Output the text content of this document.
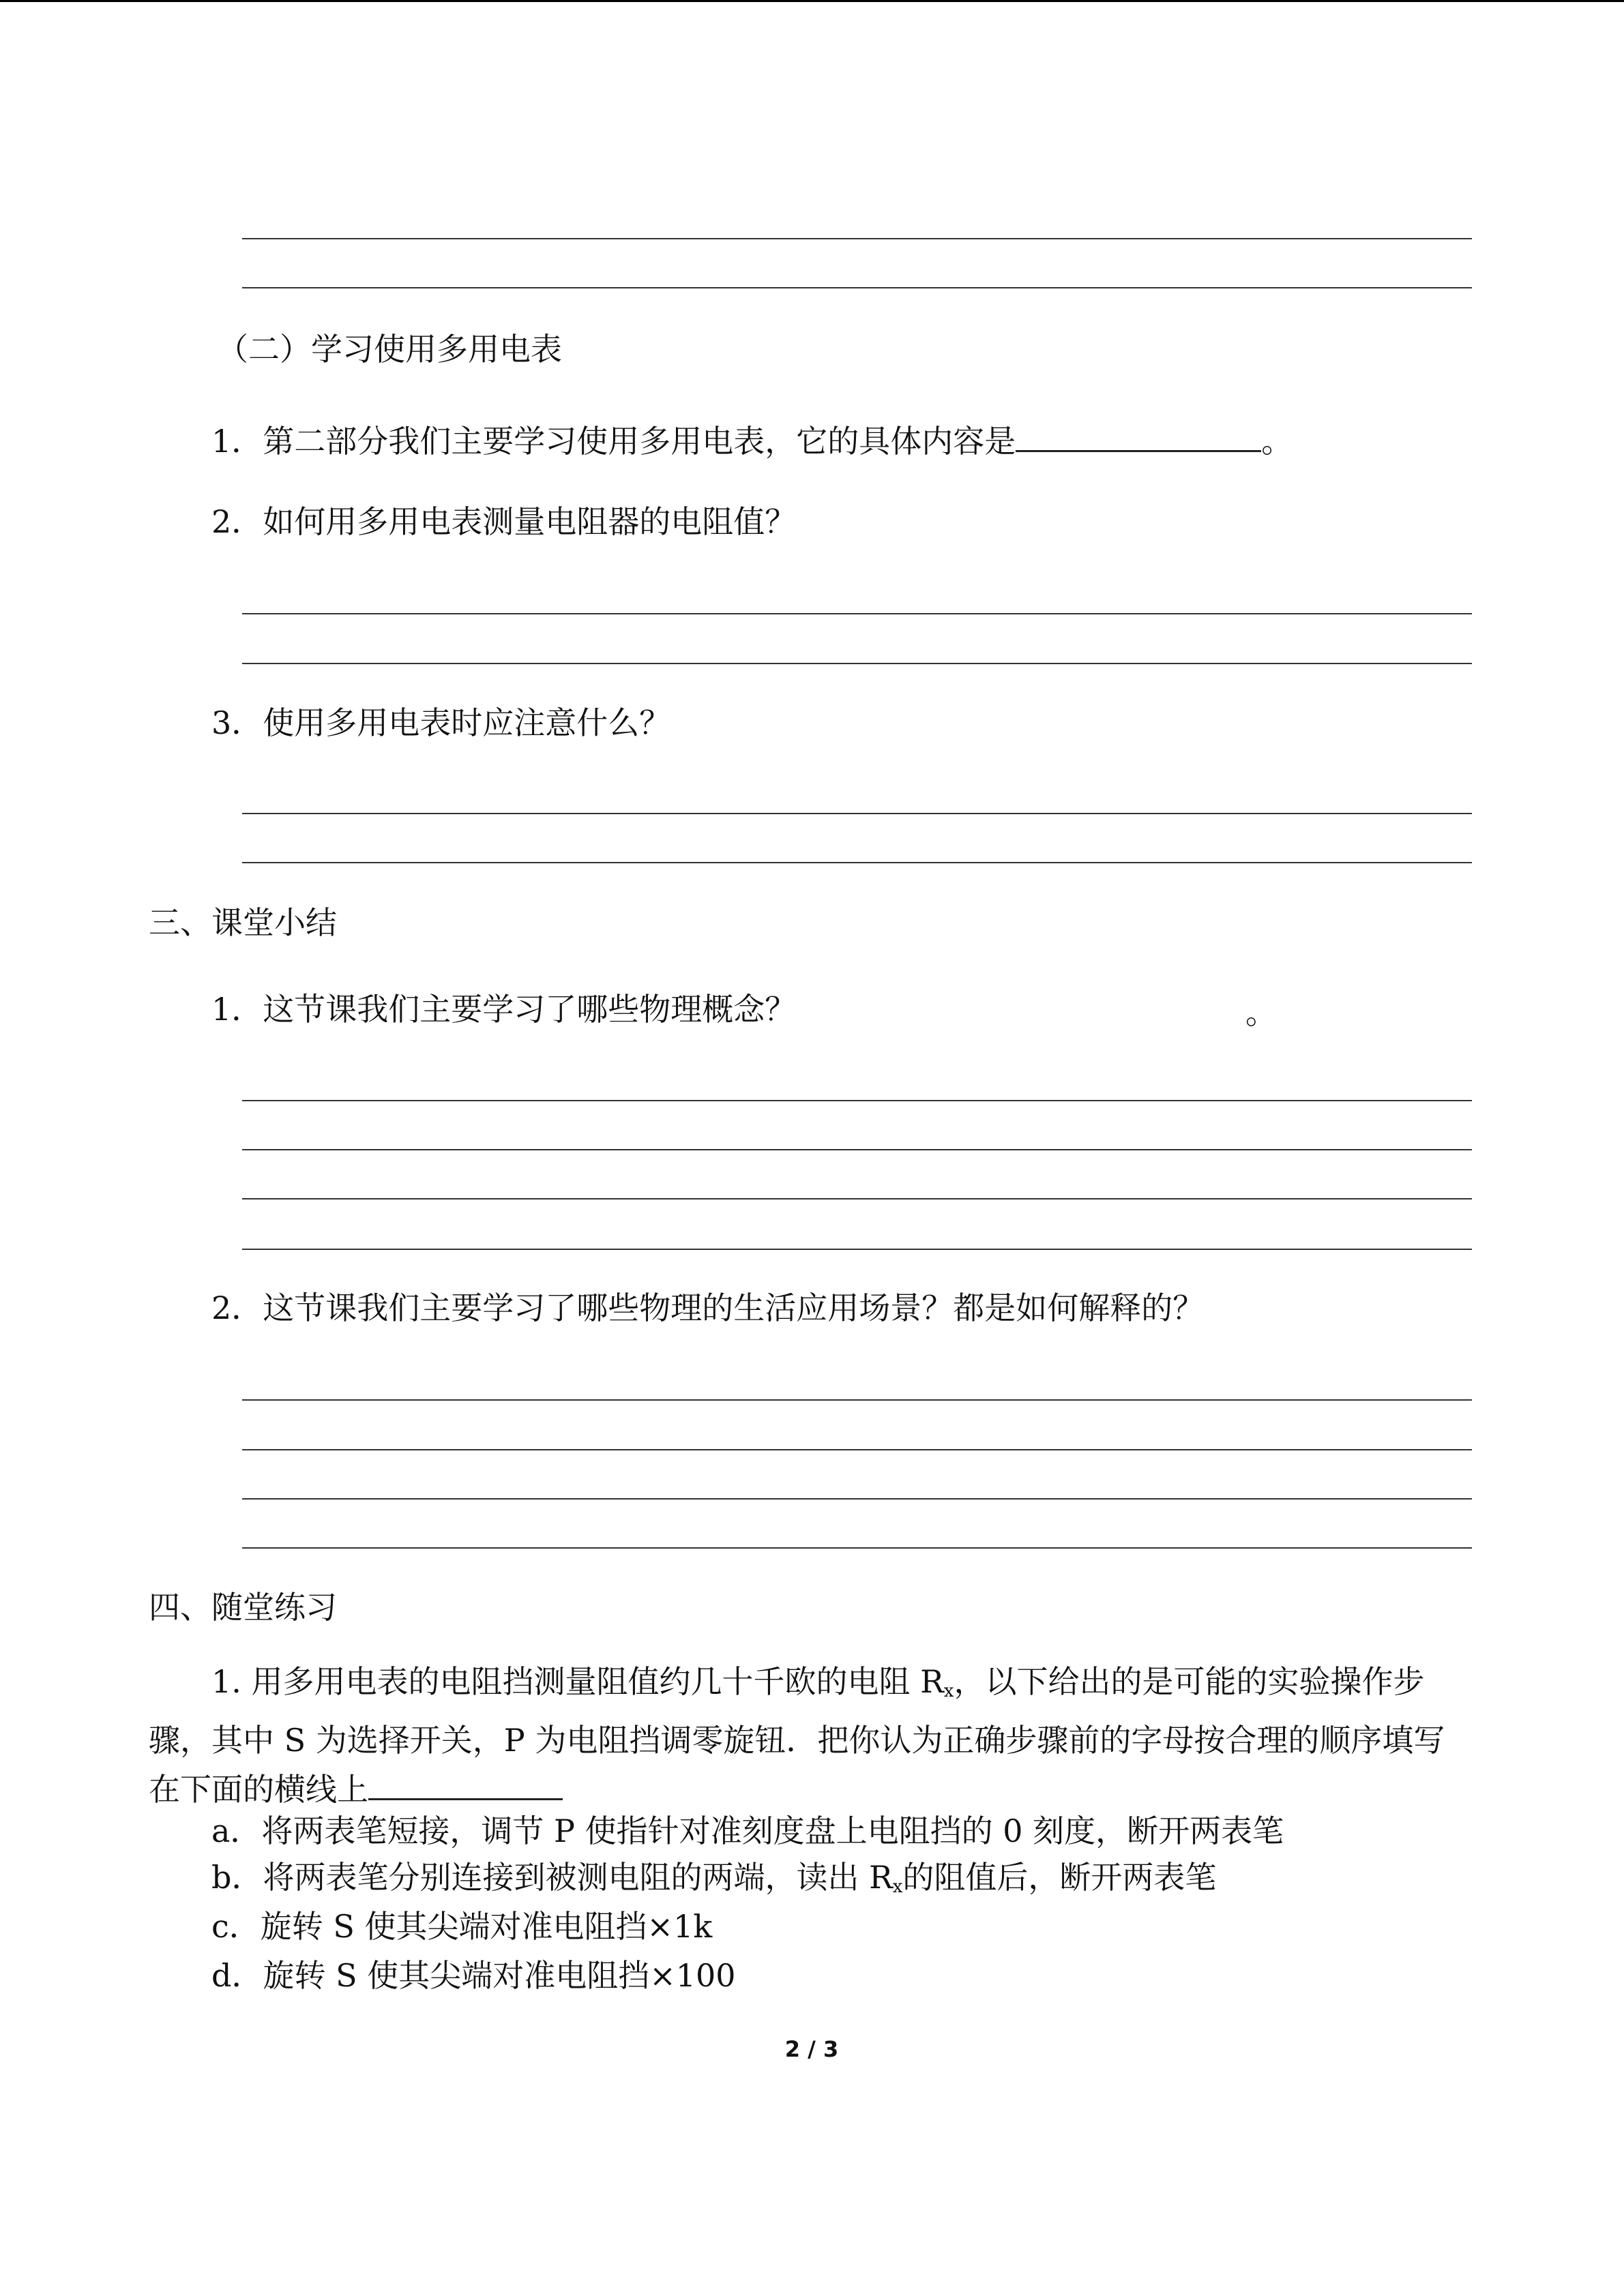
（二）学习使用多用电表
1．第二部分我们主要学习使用多用电表，它的具体内容是	。
2．如何用多用电表测量电阻器的电阻值？
3．使用多用电表时应注意什么？
三、课堂小结
1．这节课我们主要学习了哪些物理概念？	。
2．这节课我们主要学习了哪些物理的生活应用场景？都是如何解释的？
四、随堂练习
1. 用多用电表的电阻挡测量阻值约几十千欧的电阻 $R_x$，以下给出的是可能的实验操作步骤，其中 S 为选择开关，P 为电阻挡调零旋钮．把你认为正确步骤前的字母按合理的顺序填写在下面的横线上
a．将两表笔短接，调节 P 使指针对准刻度盘上电阻挡的 0 刻度，断开两表笔
b．将两表笔分别连接到被测电阻的两端，读出 $R_x$的阻值后，断开两表笔
c．旋转 S 使其尖端对准电阻挡×1k
d．旋转 S 使其尖端对准电阻挡×100
2 / 3
